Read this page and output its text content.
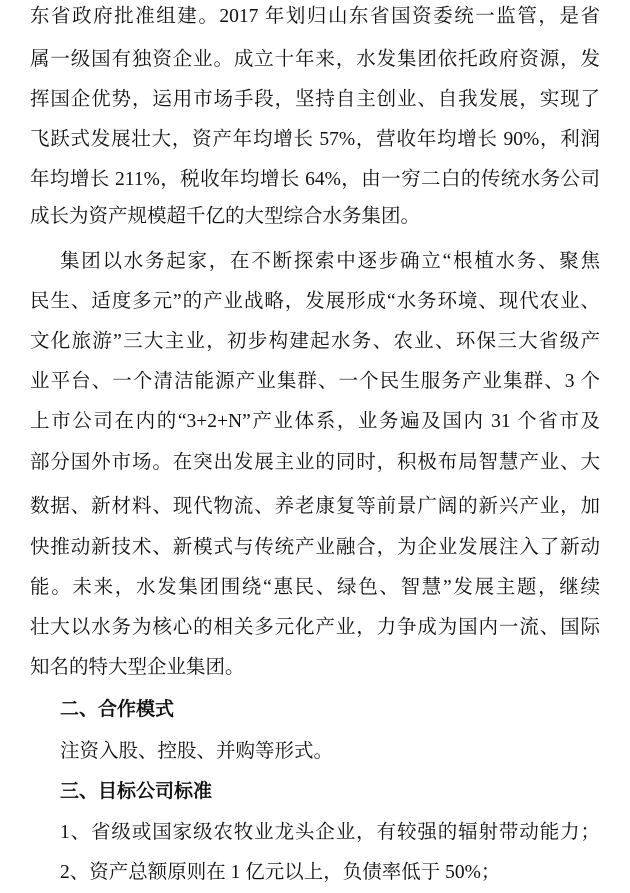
东省政府批准组建。2017 年划归山东省国资委统一监管，是省
属一级国有独资企业。成立十年来，水发集团依托政府资源，发
挥国企优势，运用市场手段，坚持自主创业、自我发展，实现了
飞跃式发展壮大，资产年均增长 57%，营收年均增长 90%，利润
年均增长 211%，税收年均增长 64%，由一穷二白的传统水务公司
成长为资产规模超千亿的大型综合水务集团。
集团以水务起家，在不断探索中逐步确立“根植水务、聚焦
民生、适度多元”的产业战略，发展形成“水务环境、现代农业、
文化旅游”三大主业，初步构建起水务、农业、环保三大省级产
业平台、一个清洁能源产业集群、一个民生服务产业集群、3 个
上市公司在内的“3+2+N”产业体系，业务遍及国内 31 个省市及
部分国外市场。在突出发展主业的同时，积极布局智慧产业、大
数据、新材料、现代物流、养老康复等前景广阔的新兴产业，加
快推动新技术、新模式与传统产业融合，为企业发展注入了新动
能。未来，水发集团围绕“惠民、绿色、智慧”发展主题，继续
壮大以水务为核心的相关多元化产业，力争成为国内一流、国际
知名的特大型企业集团。
二、合作模式
注资入股、控股、并购等形式。
三、目标公司标准
1、省级或国家级农牧业龙头企业，有较强的辐射带动能力；
2、资产总额原则在 1 亿元以上，负债率低于 50%；
